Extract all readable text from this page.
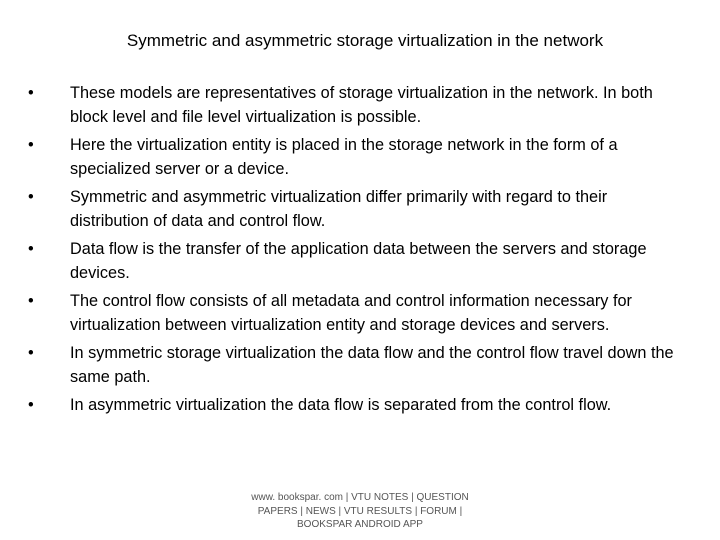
Symmetric and asymmetric storage virtualization in the network
•	These models are representatives of storage virtualization in the network. In both block level and file level virtualization is possible.
•	Here the virtualization entity is placed in the storage network in the form of a specialized server or a device.
•	Symmetric and asymmetric virtualization differ primarily with regard to their distribution of data and control flow.
•	Data flow is the transfer of the application data between the servers and storage devices.
•	The control flow consists of all metadata and control information necessary for virtualization between virtualization entity and storage devices and servers.
•	In symmetric storage virtualization the data flow and the control flow travel down the same path.
•	In asymmetric virtualization the data flow is separated from the control flow.
www. bookspar. com | VTU NOTES | QUESTION PAPERS | NEWS | VTU RESULTS | FORUM | BOOKSPAR ANDROID APP
